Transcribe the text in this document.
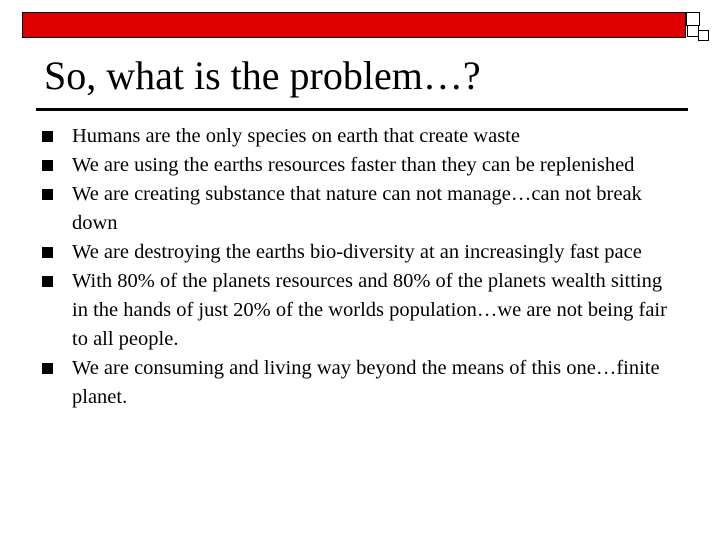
So, what is the problem…?
Humans are the only species on earth that create waste
We are using the earths resources faster than they can be replenished
We are creating substance that nature can not manage…can not break down
We are destroying the earths bio-diversity at an increasingly fast pace
With 80% of the planets resources and 80% of the planets wealth sitting in the hands of just 20% of the worlds population…we are not being fair to all people.
We are consuming and living way beyond the means of this one…finite planet.
